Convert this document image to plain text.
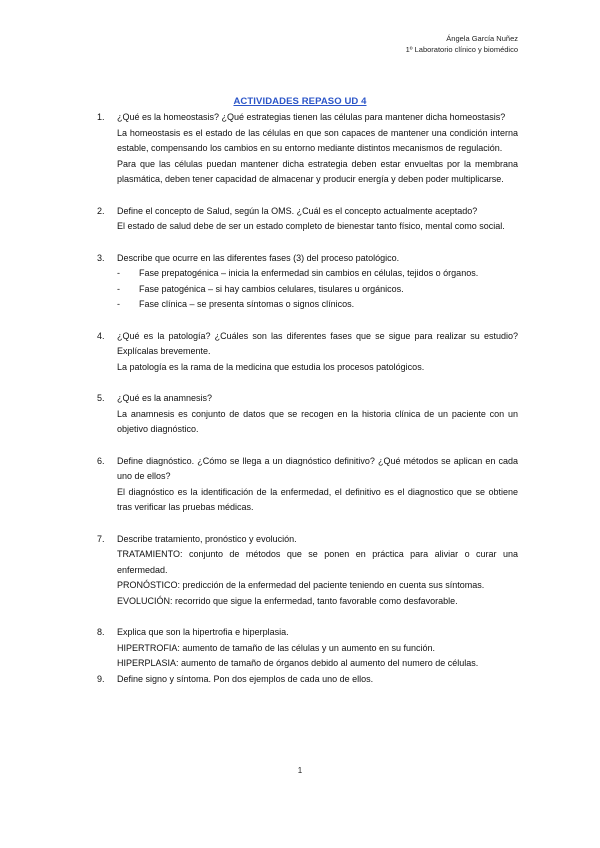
Ángela García Nuñez
1º Laboratorio clínico y biomédico
ACTIVIDADES REPASO UD 4
1. ¿Qué es la homeostasis? ¿Qué estrategias tienen las células para mantener dicha homeostasis?

La homeostasis es el estado de las células en que son capaces de mantener una condición interna estable, compensando los cambios en su entorno mediante distintos mecanismos de regulación.

Para que las células puedan mantener dicha estrategia deben estar envueltas por la membrana plasmática, deben tener capacidad de almacenar y producir energía y deben poder multiplicarse.

2. Define el concepto de Salud, según la OMS. ¿Cuál es el concepto actualmente aceptado?

El estado de salud debe de ser un estado completo de bienestar tanto físico, mental como social.

3. Describe que ocurre en las diferentes fases (3) del proceso patológico.

- Fase prepatogénica – inicia la enfermedad sin cambios en células, tejidos o órganos.
- Fase patogénica – si hay cambios celulares, tisulares u orgánicos.
- Fase clínica – se presenta síntomas o signos clínicos.
4. ¿Qué es la patología? ¿Cuáles son las diferentes fases que se sigue para realizar su estudio? Explícalas brevemente.

La patología es la rama de la medicina que estudia los procesos patológicos.

5. ¿Qué es la anamnesis?

La anamnesis es conjunto de datos que se recogen en la historia clínica de un paciente con un objetivo diagnóstico.

6. Define diagnóstico. ¿Cómo se llega a un diagnóstico definitivo? ¿Qué métodos se aplican en cada uno de ellos?

El diagnóstico es la identificación de la enfermedad, el definitivo es el diagnostico que se obtiene tras verificar las pruebas médicas.

7. Describe tratamiento, pronóstico y evolución.

TRATAMIENTO: conjunto de métodos que se ponen en práctica para aliviar o curar una enfermedad.

PRONÓSTICO: predicción de la enfermedad del paciente teniendo en cuenta sus síntomas.

EVOLUCIÓN: recorrido que sigue la enfermedad, tanto favorable como desfavorable.

8. Explica que son la hipertrofia e hiperplasia.

HIPERTROFIA: aumento de tamaño de las células y un aumento en su función.

HIPERPLASIA: aumento de tamaño de órganos debido al aumento del numero de células.

9. Define signo y síntoma. Pon dos ejemplos de cada uno de ellos.

1
